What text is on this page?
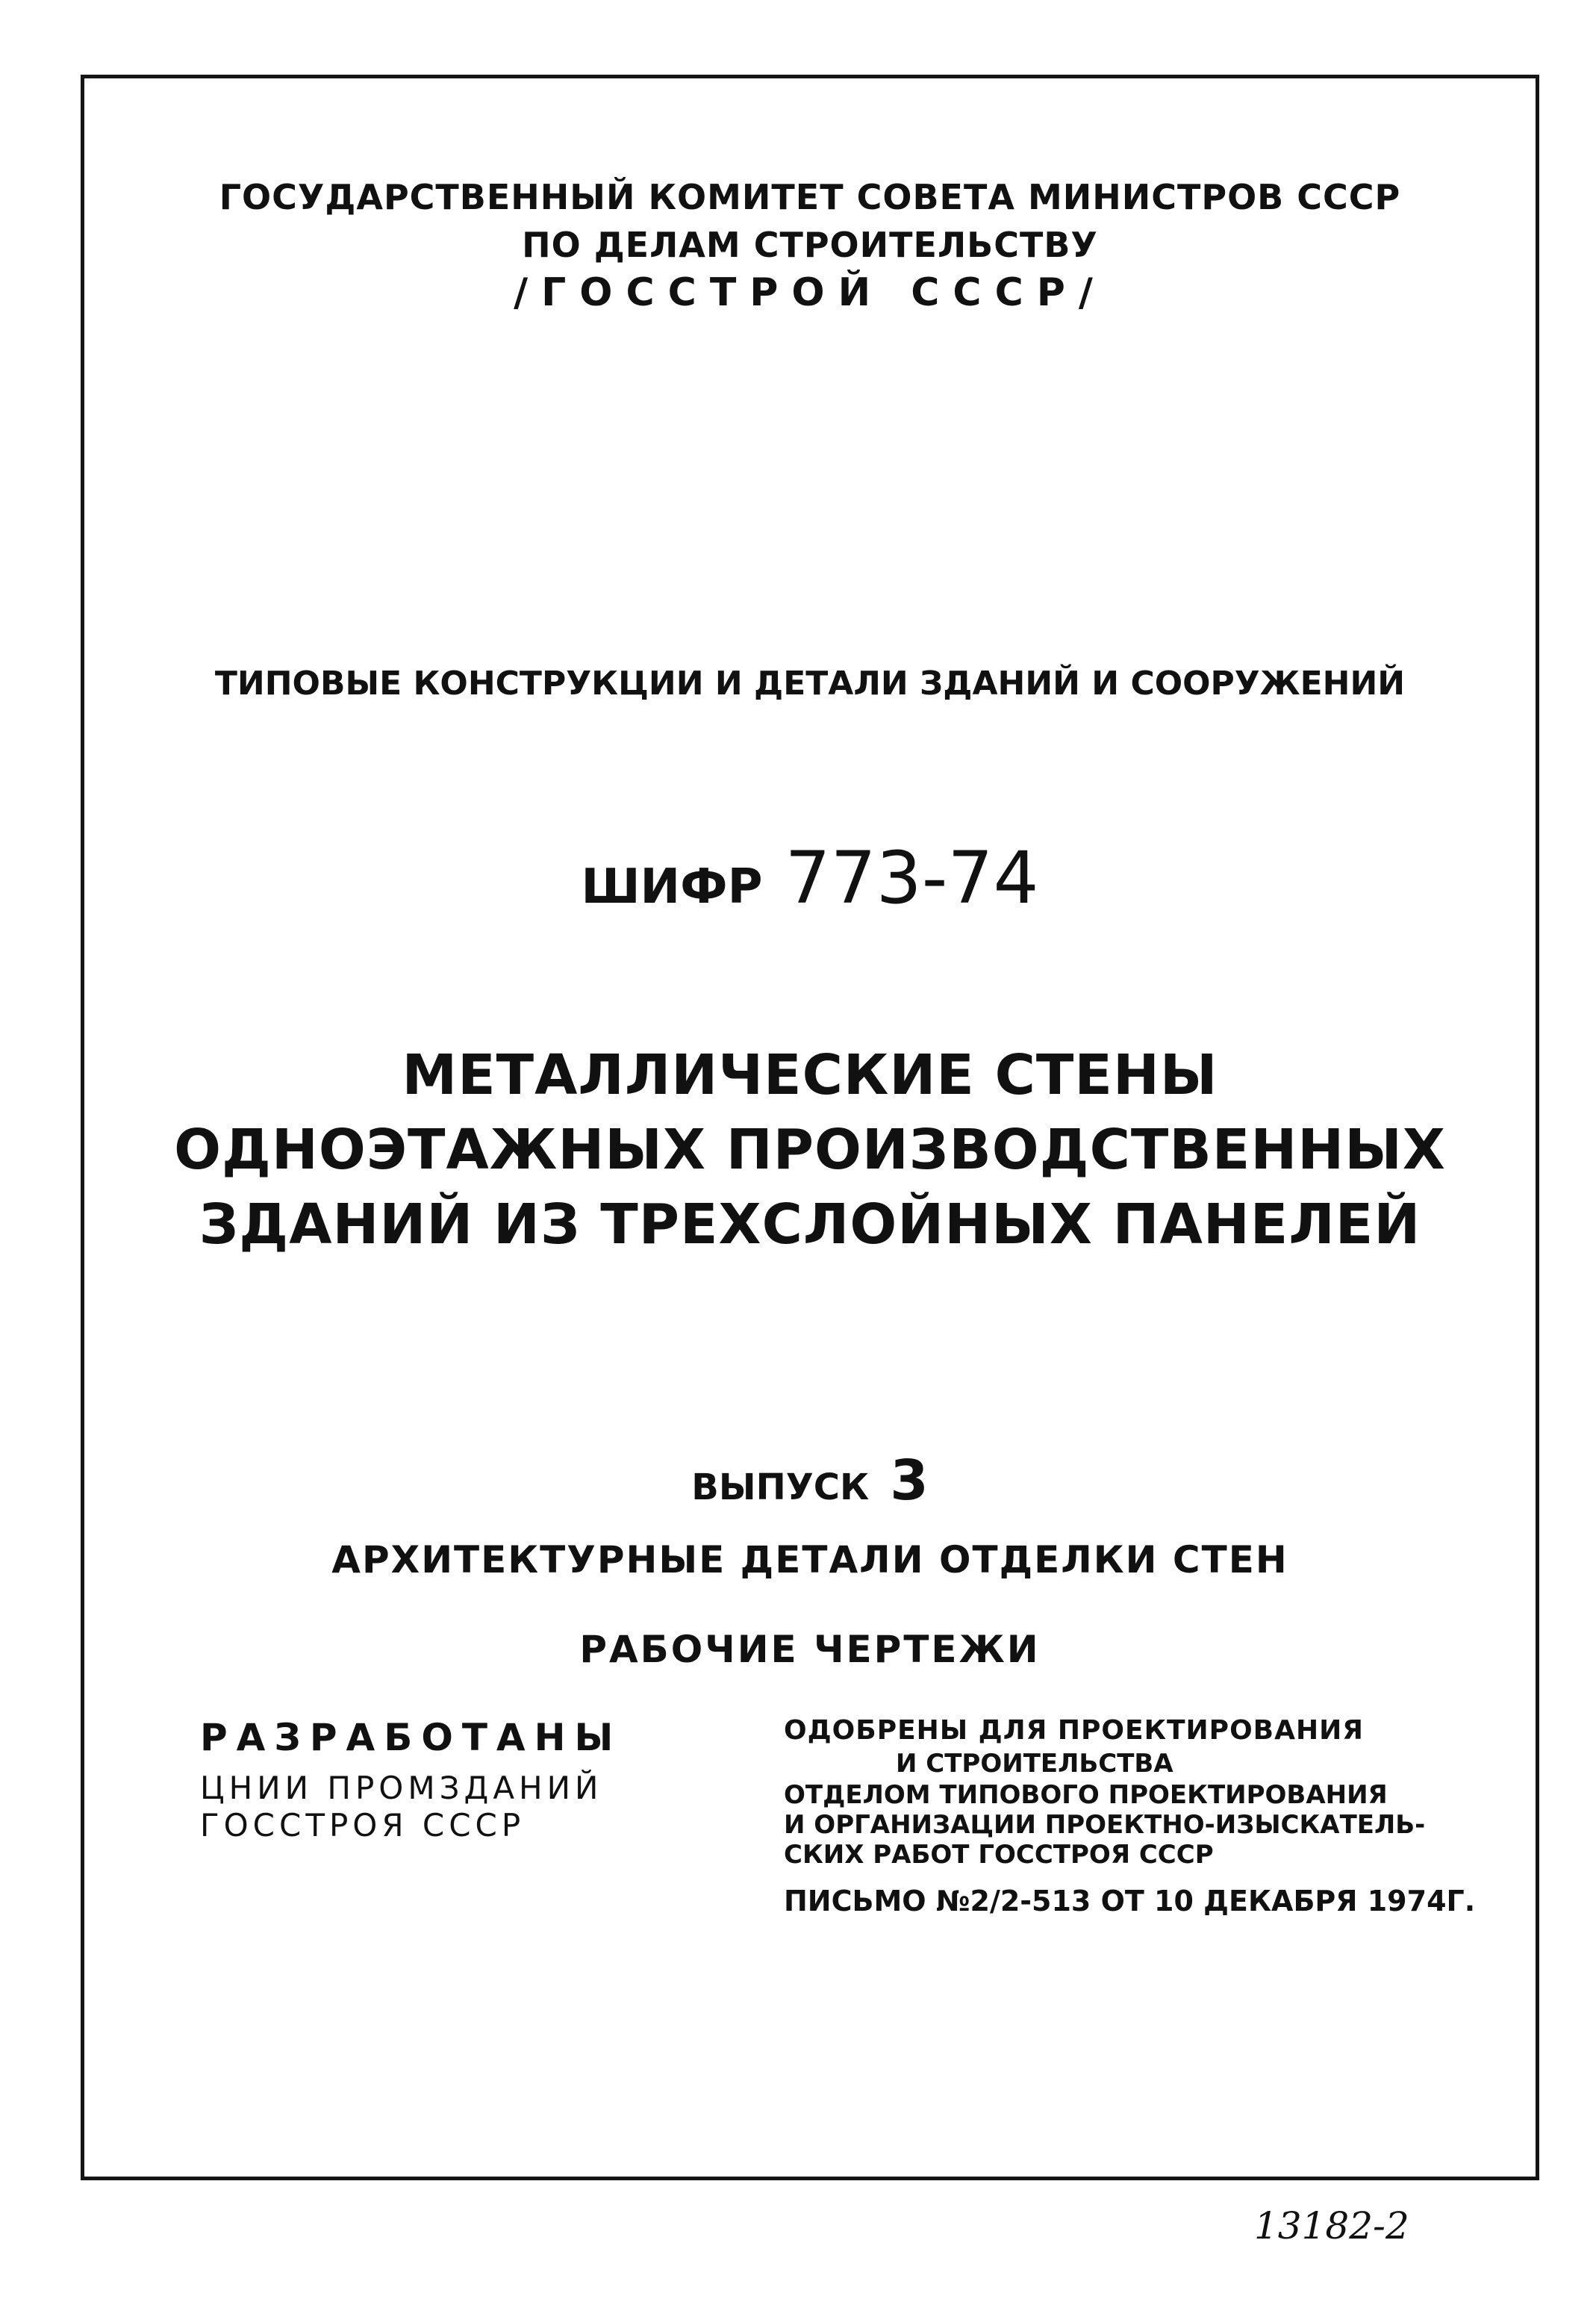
ГОСУДАРСТВЕННЫЙ КОМИТЕТ СОВЕТА МИНИСТРОВ СССР
ПО ДЕЛАМ СТРОИТЕЛЬСТВУ
/ГОССТРОЙ СССР/
ТИПОВЫЕ КОНСТРУКЦИИ И ДЕТАЛИ ЗДАНИЙ И СООРУЖЕНИЙ
ШИФР 773-74
МЕТАЛЛИЧЕСКИЕ СТЕНЫ
ОДНОЭТАЖНЫХ ПРОИЗВОДСТВЕННЫХ
ЗДАНИЙ ИЗ ТРЕХСЛОЙНЫХ ПАНЕЛЕЙ
ВЫПУСК 3
АРХИТЕКТУРНЫЕ ДЕТАЛИ ОТДЕЛКИ СТЕН
РАБОЧИЕ ЧЕРТЕЖИ
РАЗРАБОТАНЫ
ЦНИИ ПРОМЗДАНИЙ
ГОССТРОЯ СССР
ОДОБРЕНЫ ДЛЯ ПРОЕКТИРОВАНИЯ
И СТРОИТЕЛЬСТВА
ОТДЕЛОМ ТИПОВОГО ПРОЕКТИРОВАНИЯ
И ОРГАНИЗАЦИИ ПРОЕКТНО-ИЗЫСКАТЕЛЬ-
СКИХ РАБОТ ГОССТРОЯ СССР
ПИСЬМО №2/2-513 ОТ 10 ДЕКАБРЯ 1974Г.
13182-2
